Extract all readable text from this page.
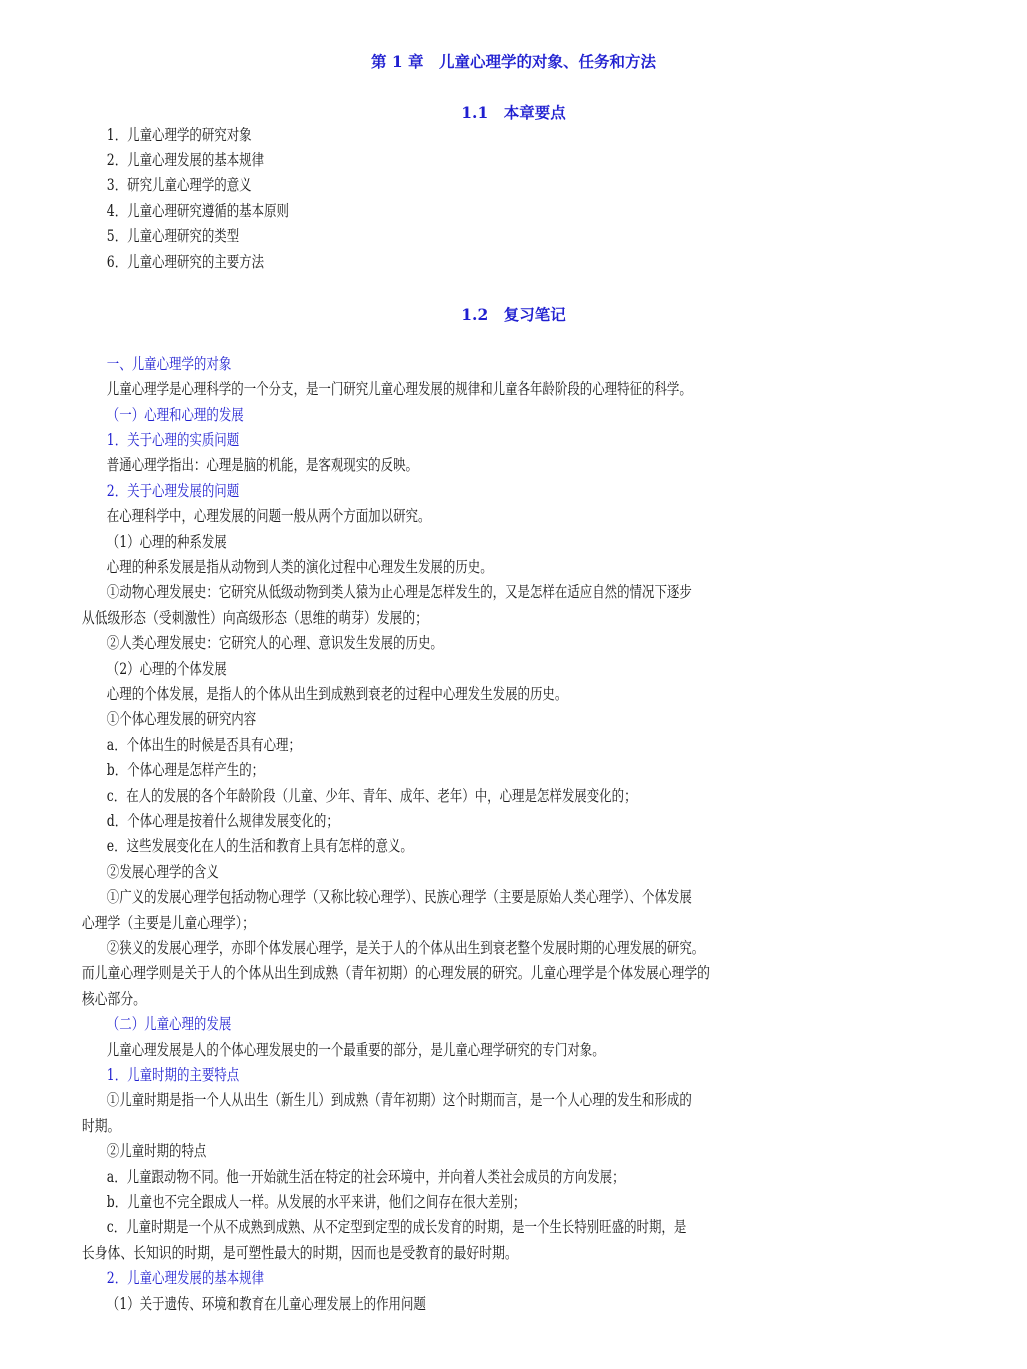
第 1 章　儿童心理学的对象、任务和方法
1.1　本章要点
1．儿童心理学的研究对象
2．儿童心理发展的基本规律
3．研究儿童心理学的意义
4．儿童心理研究遵循的基本原则
5．儿童心理研究的类型
6．儿童心理研究的主要方法
1.2　复习笔记
一、儿童心理学的对象
儿童心理学是心理科学的一个分支，是一门研究儿童心理发展的规律和儿童各年龄阶段的心理特征的科学。
（一）心理和心理的发展
1．关于心理的实质问题
普通心理学指出：心理是脑的机能，是客观现实的反映。
2．关于心理发展的问题
在心理科学中，心理发展的问题一般从两个方面加以研究。
（1）心理的种系发展
心理的种系发展是指从动物到人类的演化过程中心理发生发展的历史。
①动物心理发展史：它研究从低级动物到类人猿为止心理是怎样发生的，又是怎样在适应自然的情况下逐步
从低级形态（受刺激性）向高级形态（思维的萌芽）发展的；
②人类心理发展史：它研究人的心理、意识发生发展的历史。
（2）心理的个体发展
心理的个体发展，是指人的个体从出生到成熟到衰老的过程中心理发生发展的历史。
①个体心理发展的研究内容
a．个体出生的时候是否具有心理；
b．个体心理是怎样产生的；
c．在人的发展的各个年龄阶段（儿童、少年、青年、成年、老年）中，心理是怎样发展变化的；
d．个体心理是按着什么规律发展变化的；
e．这些发展变化在人的生活和教育上具有怎样的意义。
②发展心理学的含义
①广义的发展心理学包括动物心理学（又称比较心理学）、民族心理学（主要是原始人类心理学）、个体发展
心理学（主要是儿童心理学）；
②狭义的发展心理学，亦即个体发展心理学，是关于人的个体从出生到衰老整个发展时期的心理发展的研究。
而儿童心理学则是关于人的个体从出生到成熟（青年初期）的心理发展的研究。儿童心理学是个体发展心理学的
核心部分。
（二）儿童心理的发展
儿童心理发展是人的个体心理发展史的一个最重要的部分，是儿童心理学研究的专门对象。
1．儿童时期的主要特点
①儿童时期是指一个人从出生（新生儿）到成熟（青年初期）这个时期而言，是一个人心理的发生和形成的
时期。
②儿童时期的特点
a．儿童跟动物不同。他一开始就生活在特定的社会环境中，并向着人类社会成员的方向发展；
b．儿童也不完全跟成人一样。从发展的水平来讲，他们之间存在很大差别；
c．儿童时期是一个从不成熟到成熟、从不定型到定型的成长发育的时期，是一个生长特别旺盛的时期，是
长身体、长知识的时期，是可塑性最大的时期，因而也是受教育的最好时期。
2．儿童心理发展的基本规律
（1）关于遗传、环境和教育在儿童心理发展上的作用问题
